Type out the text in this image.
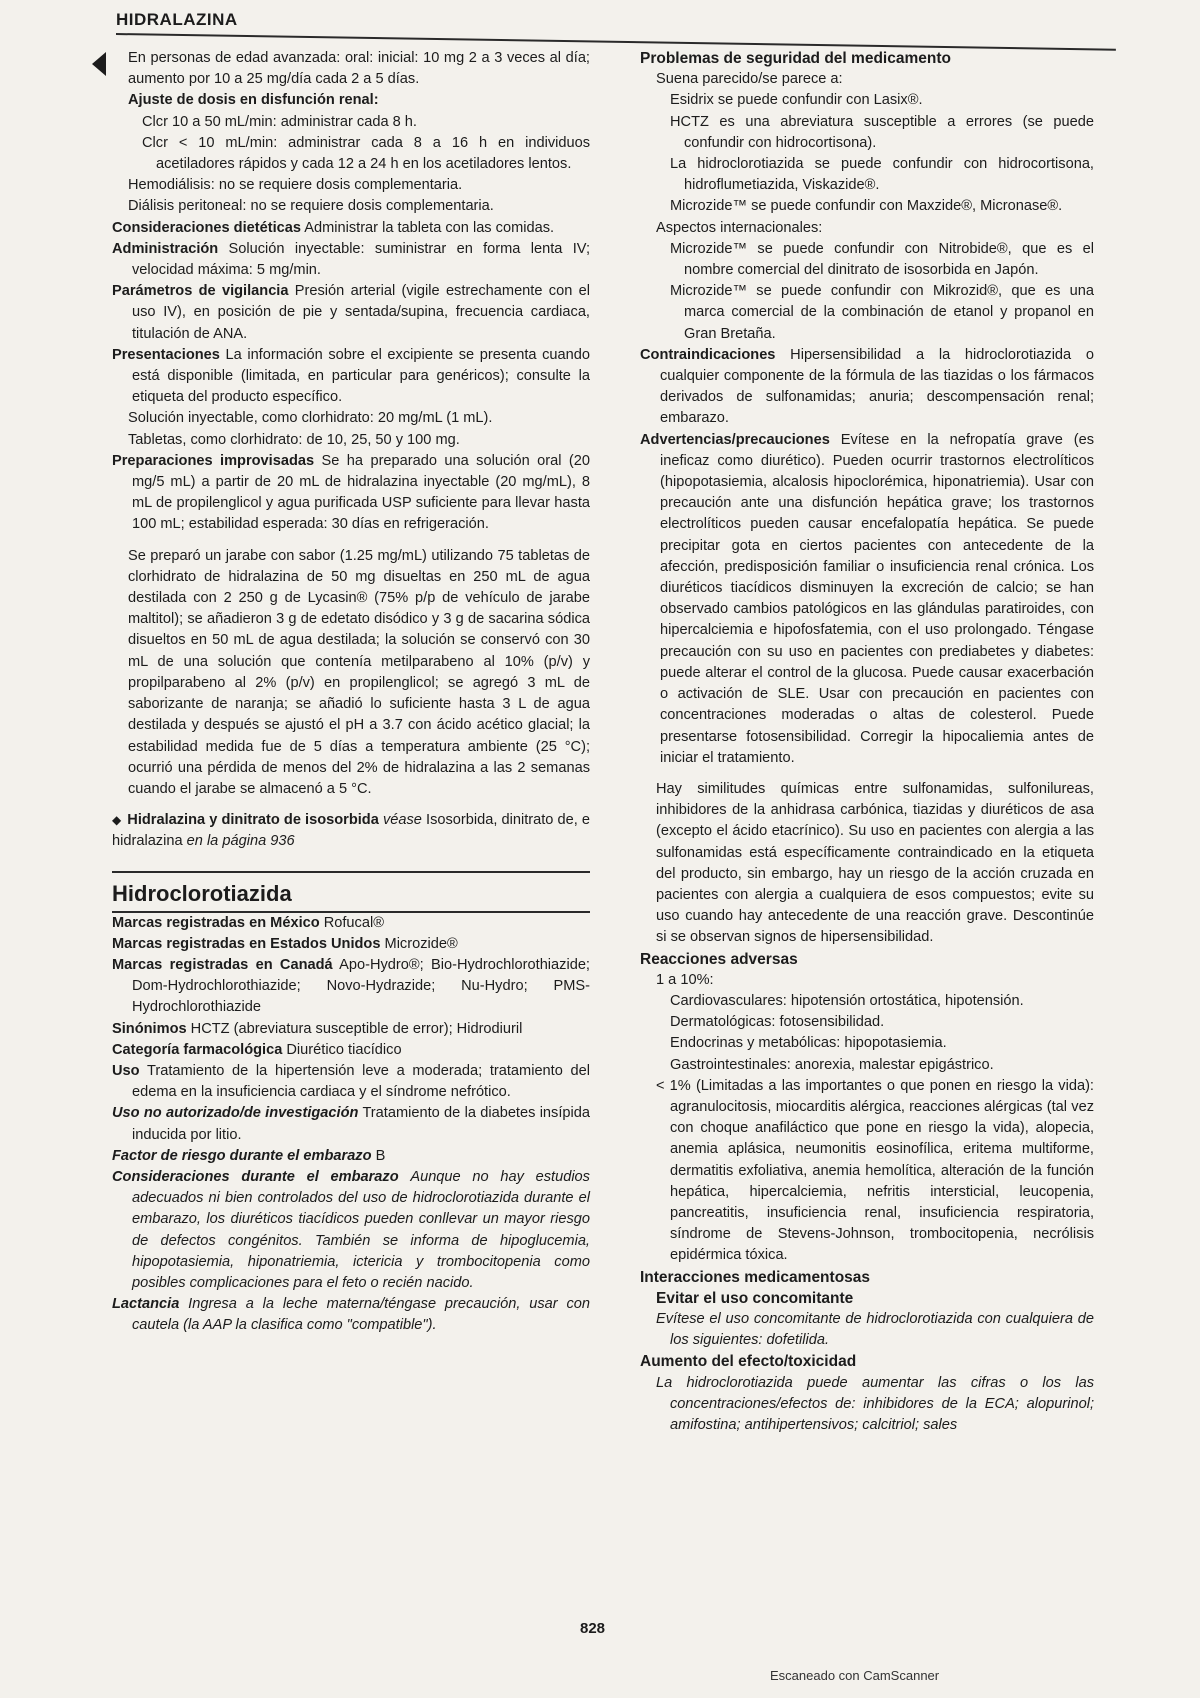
HIDRALAZINA

En personas de edad avanzada: oral: inicial: 10 mg 2 a 3 veces al día; aumento por 10 a 25 mg/día cada 2 a 5 días.

Ajuste de dosis en disfunción renal:

Clcr 10 a 50 mL/min: administrar cada 8 h.

Clcr < 10 mL/min: administrar cada 8 a 16 h en individuos acetiladores rápidos y cada 12 a 24 h en los acetiladores lentos.

Hemodiálisis: no se requiere dosis complementaria.

Diálisis peritoneal: no se requiere dosis complementaria.

Consideraciones dietéticas Administrar la tableta con las comidas.

Administración Solución inyectable: suministrar en forma lenta IV; velocidad máxima: 5 mg/min.

Parámetros de vigilancia Presión arterial (vigile estrechamente con el uso IV), en posición de pie y sentada/supina, frecuencia cardiaca, titulación de ANA.

Presentaciones La información sobre el excipiente se presenta cuando está disponible (limitada, en particular para genéricos); consulte la etiqueta del producto específico.

Solución inyectable, como clorhidrato: 20 mg/mL (1 mL).

Tabletas, como clorhidrato: de 10, 25, 50 y 100 mg.

Preparaciones improvisadas Se ha preparado una solución oral (20 mg/5 mL) a partir de 20 mL de hidralazina inyectable (20 mg/mL), 8 mL de propilenglicol y agua purificada USP suficiente para llevar hasta 100 mL; estabilidad esperada: 30 días en refrigeración.

Se preparó un jarabe con sabor (1.25 mg/mL) utilizando 75 tabletas de clorhidrato de hidralazina de 50 mg disueltas en 250 mL de agua destilada con 2 250 g de Lycasin® (75% p/p de vehículo de jarabe maltitol); se añadieron 3 g de edetato disódico y 3 g de sacarina sódica disueltos en 50 mL de agua destilada; la solución se conservó con 30 mL de una solución que contenía metilparabeno al 10% (p/v) y propilparabeno al 2% (p/v) en propilenglicol; se agregó 3 mL de saborizante de naranja; se añadió lo suficiente hasta 3 L de agua destilada y después se ajustó el pH a 3.7 con ácido acético glacial; la estabilidad medida fue de 5 días a temperatura ambiente (25 °C); ocurrió una pérdida de menos del 2% de hidralazina a las 2 semanas cuando el jarabe se almacenó a 5 °C.

◆ Hidralazina y dinitrato de isosorbida véase Isosorbida, dinitrato de, e hidralazina en la página 936

Hidroclorotiazida

Marcas registradas en México Rofucal®

Marcas registradas en Estados Unidos Microzide®

Marcas registradas en Canadá Apo-Hydro®; Bio-Hydrochlorothiazide; Dom-Hydrochlorothiazide; Novo-Hydrazide; Nu-Hydro; PMS-Hydrochlorothiazide

Sinónimos HCTZ (abreviatura susceptible de error); Hidrodiuril

Categoría farmacológica Diurético tiacídico

Uso Tratamiento de la hipertensión leve a moderada; tratamiento del edema en la insuficiencia cardiaca y el síndrome nefrótico.

Uso no autorizado/de investigación Tratamiento de la diabetes insípida inducida por litio.

Factor de riesgo durante el embarazo B

Consideraciones durante el embarazo Aunque no hay estudios adecuados ni bien controlados del uso de hidroclorotiazida durante el embarazo, los diuréticos tiacídicos pueden conllevar un mayor riesgo de defectos congénitos. También se informa de hipoglucemia, hipopotasiemia, hiponatriemia, ictericia y trombocitopenia como posibles complicaciones para el feto o recién nacido.

Lactancia Ingresa a la leche materna/téngase precaución, usar con cautela (la AAP la clasifica como "compatible").

Problemas de seguridad del medicamento

Suena parecido/se parece a:

Esidrix se puede confundir con Lasix®.

HCTZ es una abreviatura susceptible a errores (se puede confundir con hidrocortisona).

La hidroclorotiazida se puede confundir con hidrocortisona, hidroflumetiazida, Viskazide®.

Microzide™ se puede confundir con Maxzide®, Micronase®.

Aspectos internacionales:

Microzide™ se puede confundir con Nitrobide®, que es el nombre comercial del dinitrato de isosorbida en Japón.

Microzide™ se puede confundir con Mikrozid®, que es una marca comercial de la combinación de etanol y propanol en Gran Bretaña.

Contraindicaciones Hipersensibilidad a la hidroclorotiazida o cualquier componente de la fórmula de las tiazidas o los fármacos derivados de sulfonamidas; anuria; descompensación renal; embarazo.

Advertencias/precauciones Evítese en la nefropatía grave (es ineficaz como diurético). Pueden ocurrir trastornos electrolíticos (hipopotasiemia, alcalosis hipoclorémica, hiponatriemia). Usar con precaución ante una disfunción hepática grave; los trastornos electrolíticos pueden causar encefalopatía hepática. Se puede precipitar gota en ciertos pacientes con antecedente de la afección, predisposición familiar o insuficiencia renal crónica. Los diuréticos tiacídicos disminuyen la excreción de calcio; se han observado cambios patológicos en las glándulas paratiroides, con hipercalciemia e hipofosfatemia, con el uso prolongado. Téngase precaución con su uso en pacientes con prediabetes y diabetes: puede alterar el control de la glucosa. Puede causar exacerbación o activación de SLE. Usar con precaución en pacientes con concentraciones moderadas o altas de colesterol. Puede presentarse fotosensibilidad. Corregir la hipocaliemia antes de iniciar el tratamiento.

Hay similitudes químicas entre sulfonamidas, sulfonilureas, inhibidores de la anhidrasa carbónica, tiazidas y diuréticos de asa (excepto el ácido etacrínico). Su uso en pacientes con alergia a las sulfonamidas está específicamente contraindicado en la etiqueta del producto, sin embargo, hay un riesgo de la acción cruzada en pacientes con alergia a cualquiera de esos compuestos; evite su uso cuando hay antecedente de una reacción grave. Descontinúe si se observan signos de hipersensibilidad.

Reacciones adversas

1 a 10%:

Cardiovasculares: hipotensión ortostática, hipotensión.

Dermatológicas: fotosensibilidad.

Endocrinas y metabólicas: hipopotasiemia.

Gastrointestinales: anorexia, malestar epigástrico.

< 1% (Limitadas a las importantes o que ponen en riesgo la vida): agranulocitosis, miocarditis alérgica, reacciones alérgicas (tal vez con choque anafiláctico que pone en riesgo la vida), alopecia, anemia aplásica, neumonitis eosinofílica, eritema multiforme, dermatitis exfoliativa, anemia hemolítica, alteración de la función hepática, hipercalciemia, nefritis intersticial, leucopenia, pancreatitis, insuficiencia renal, insuficiencia respiratoria, síndrome de Stevens-Johnson, trombocitopenia, necrólisis epidérmica tóxica.

Interacciones medicamentosas

Evitar el uso concomitante

Evítese el uso concomitante de hidroclorotiazida con cualquiera de los siguientes: dofetilida.

Aumento del efecto/toxicidad

La hidroclorotiazida puede aumentar las cifras o los las concentraciones/efectos de: inhibidores de la ECA; alopurinol; amifostina; antihipertensivos; calcitriol; sales

828
Escaneado con CamScanner
